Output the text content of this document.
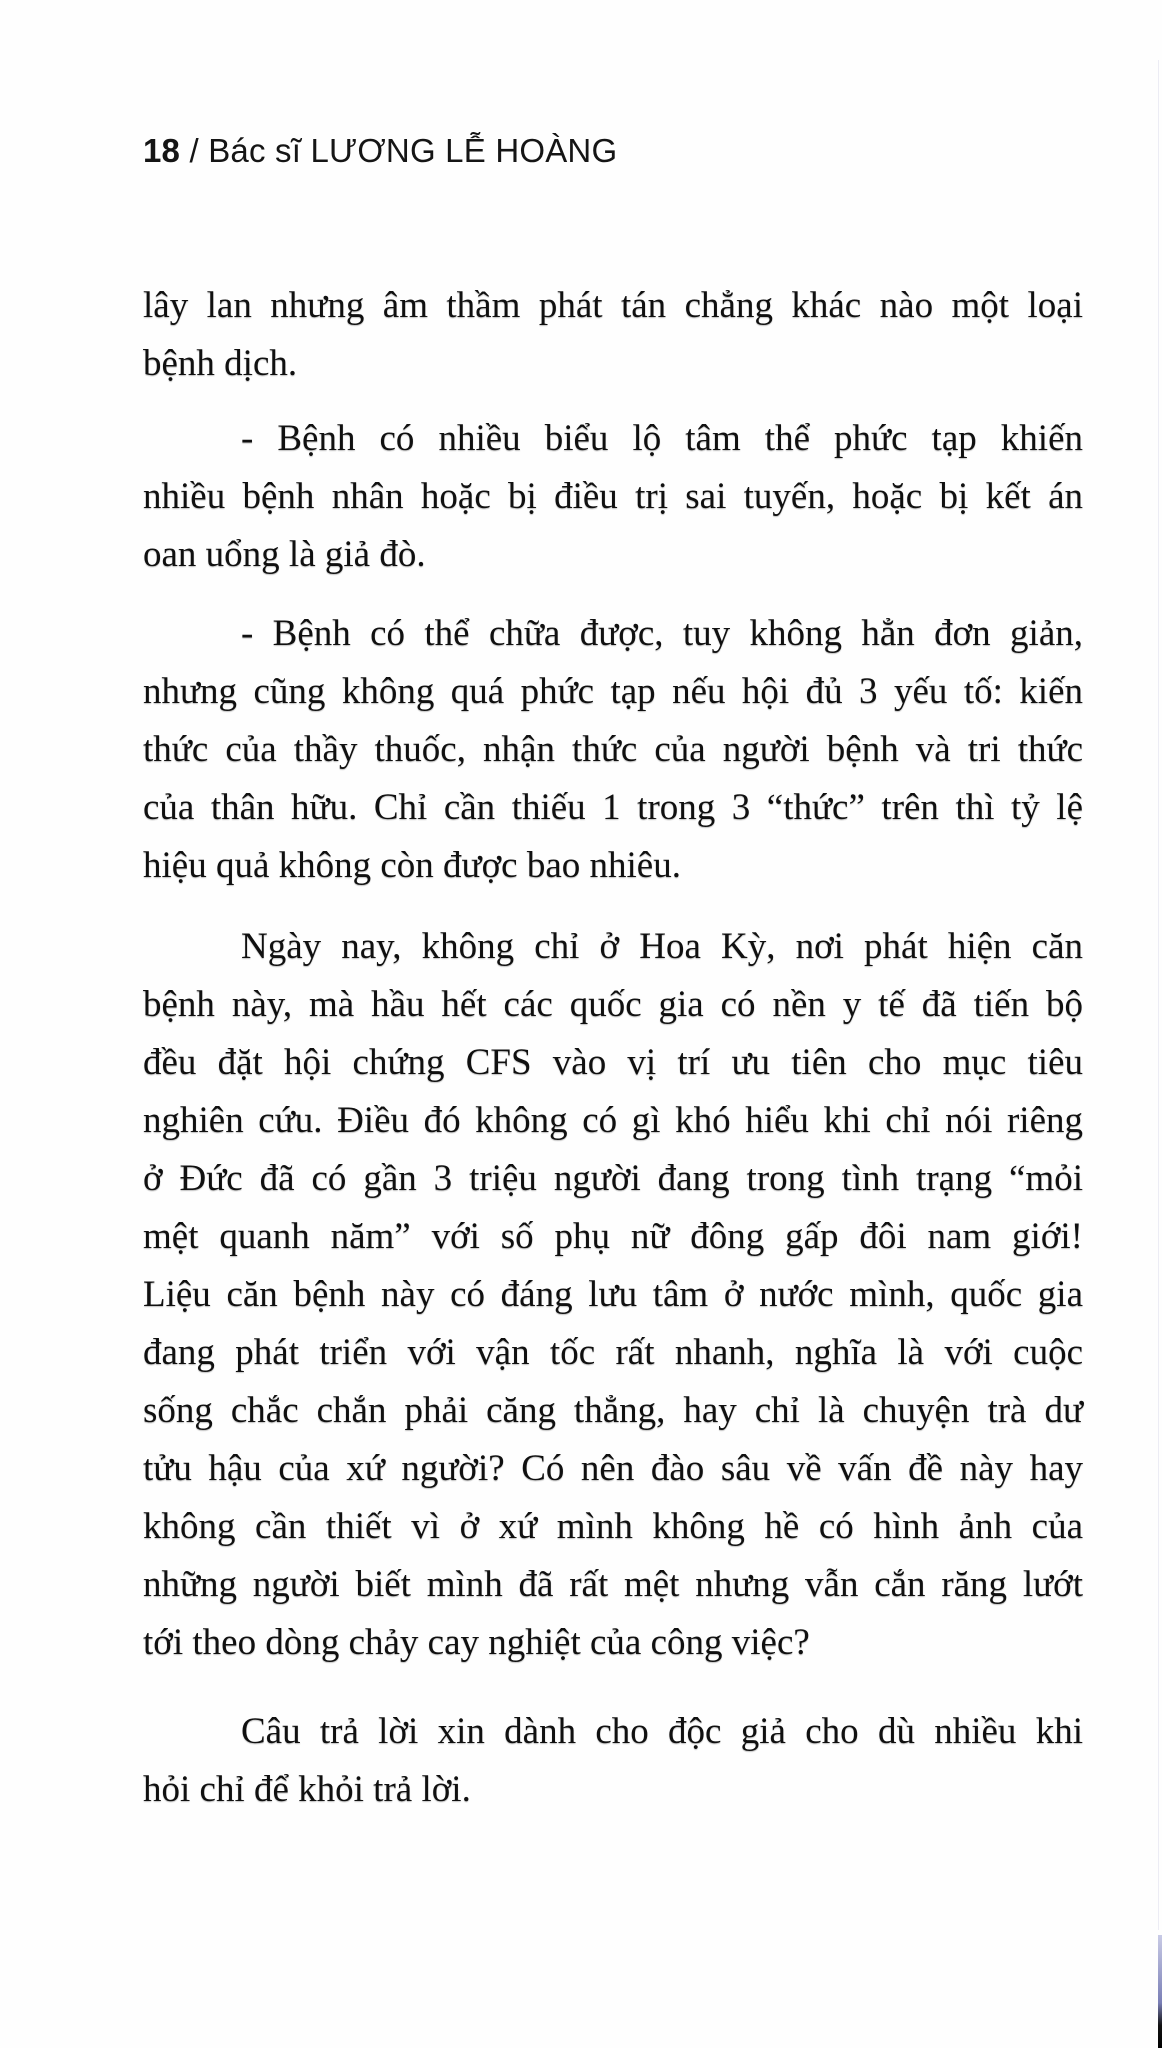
18 / Bác sĩ LƯƠNG LỄ HOÀNG
lây lan nhưng âm thầm phát tán chẳng khác nào một loại
bệnh dịch.
- Bệnh có nhiều biểu lộ tâm thể phức tạp khiến
nhiều bệnh nhân hoặc bị điều trị sai tuyến, hoặc bị kết án
oan uổng là giả đò.
- Bệnh có thể chữa được, tuy không hẳn đơn giản,
nhưng cũng không quá phức tạp nếu hội đủ 3 yếu tố: kiến
thức của thầy thuốc, nhận thức của người bệnh và tri thức
của thân hữu. Chỉ cần thiếu 1 trong 3 “thức” trên thì tỷ lệ
hiệu quả không còn được bao nhiêu.
Ngày nay, không chỉ ở Hoa Kỳ, nơi phát hiện căn
bệnh này, mà hầu hết các quốc gia có nền y tế đã tiến bộ
đều đặt hội chứng CFS vào vị trí ưu tiên cho mục tiêu
nghiên cứu. Điều đó không có gì khó hiểu khi chỉ nói riêng
ở Đức đã có gần 3 triệu người đang trong tình trạng “mỏi
mệt quanh năm” với số phụ nữ đông gấp đôi nam giới!
Liệu căn bệnh này có đáng lưu tâm ở nước mình, quốc gia
đang phát triển với vận tốc rất nhanh, nghĩa là với cuộc
sống chắc chắn phải căng thẳng, hay chỉ là chuyện trà dư
tửu hậu của xứ người? Có nên đào sâu về vấn đề này hay
không cần thiết vì ở xứ mình không hề có hình ảnh của
những người biết mình đã rất mệt nhưng vẫn cắn răng lướt
tới theo dòng chảy cay nghiệt của công việc?
Câu trả lời xin dành cho độc giả cho dù nhiều khi
hỏi chỉ để khỏi trả lời.
